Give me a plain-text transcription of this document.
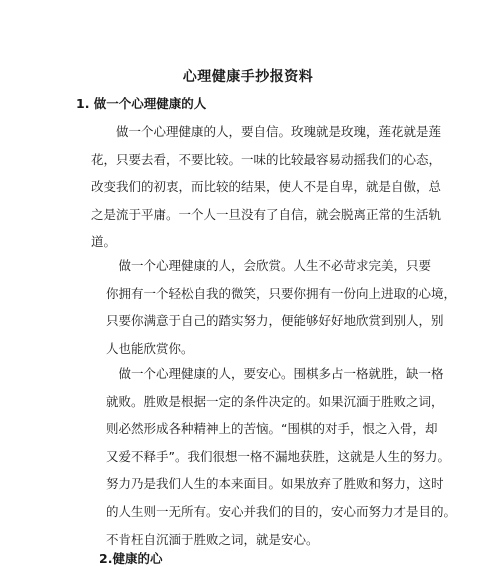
心理健康手抄报资料
1. 做一个心理健康的人
　　做一个心理健康的人，要自信。玫瑰就是玫瑰，莲花就是莲
花，只要去看，不要比较。一味的比较最容易动摇我们的心态，
改变我们的初衷，而比较的结果，使人不是自卑，就是自傲，总
之是流于平庸。一个人一旦没有了自信，就会脱离正常的生活轨
道。
　做一个心理健康的人，会欣赏。人生不必苛求完美，只要
你拥有一个轻松自我的微笑，只要你拥有一份向上进取的心境，
只要你满意于自己的踏实努力，便能够好好地欣赏到别人，别
人也能欣赏你。
　做一个心理健康的人，要安心。围棋多占一格就胜，缺一格
就败。胜败是根据一定的条件决定的。如果沉湎于胜败之词，
则必然形成各种精神上的苦恼。“围棋的对手，恨之入骨，却
又爱不释手”。我们很想一格不漏地获胜，这就是人生的努力。
努力乃是我们人生的本来面目。如果放弃了胜败和努力，这时
的人生则一无所有。安心并我们的目的，安心而努力才是目的。
不肯枉自沉湎于胜败之词，就是安心。
2.健康的心
